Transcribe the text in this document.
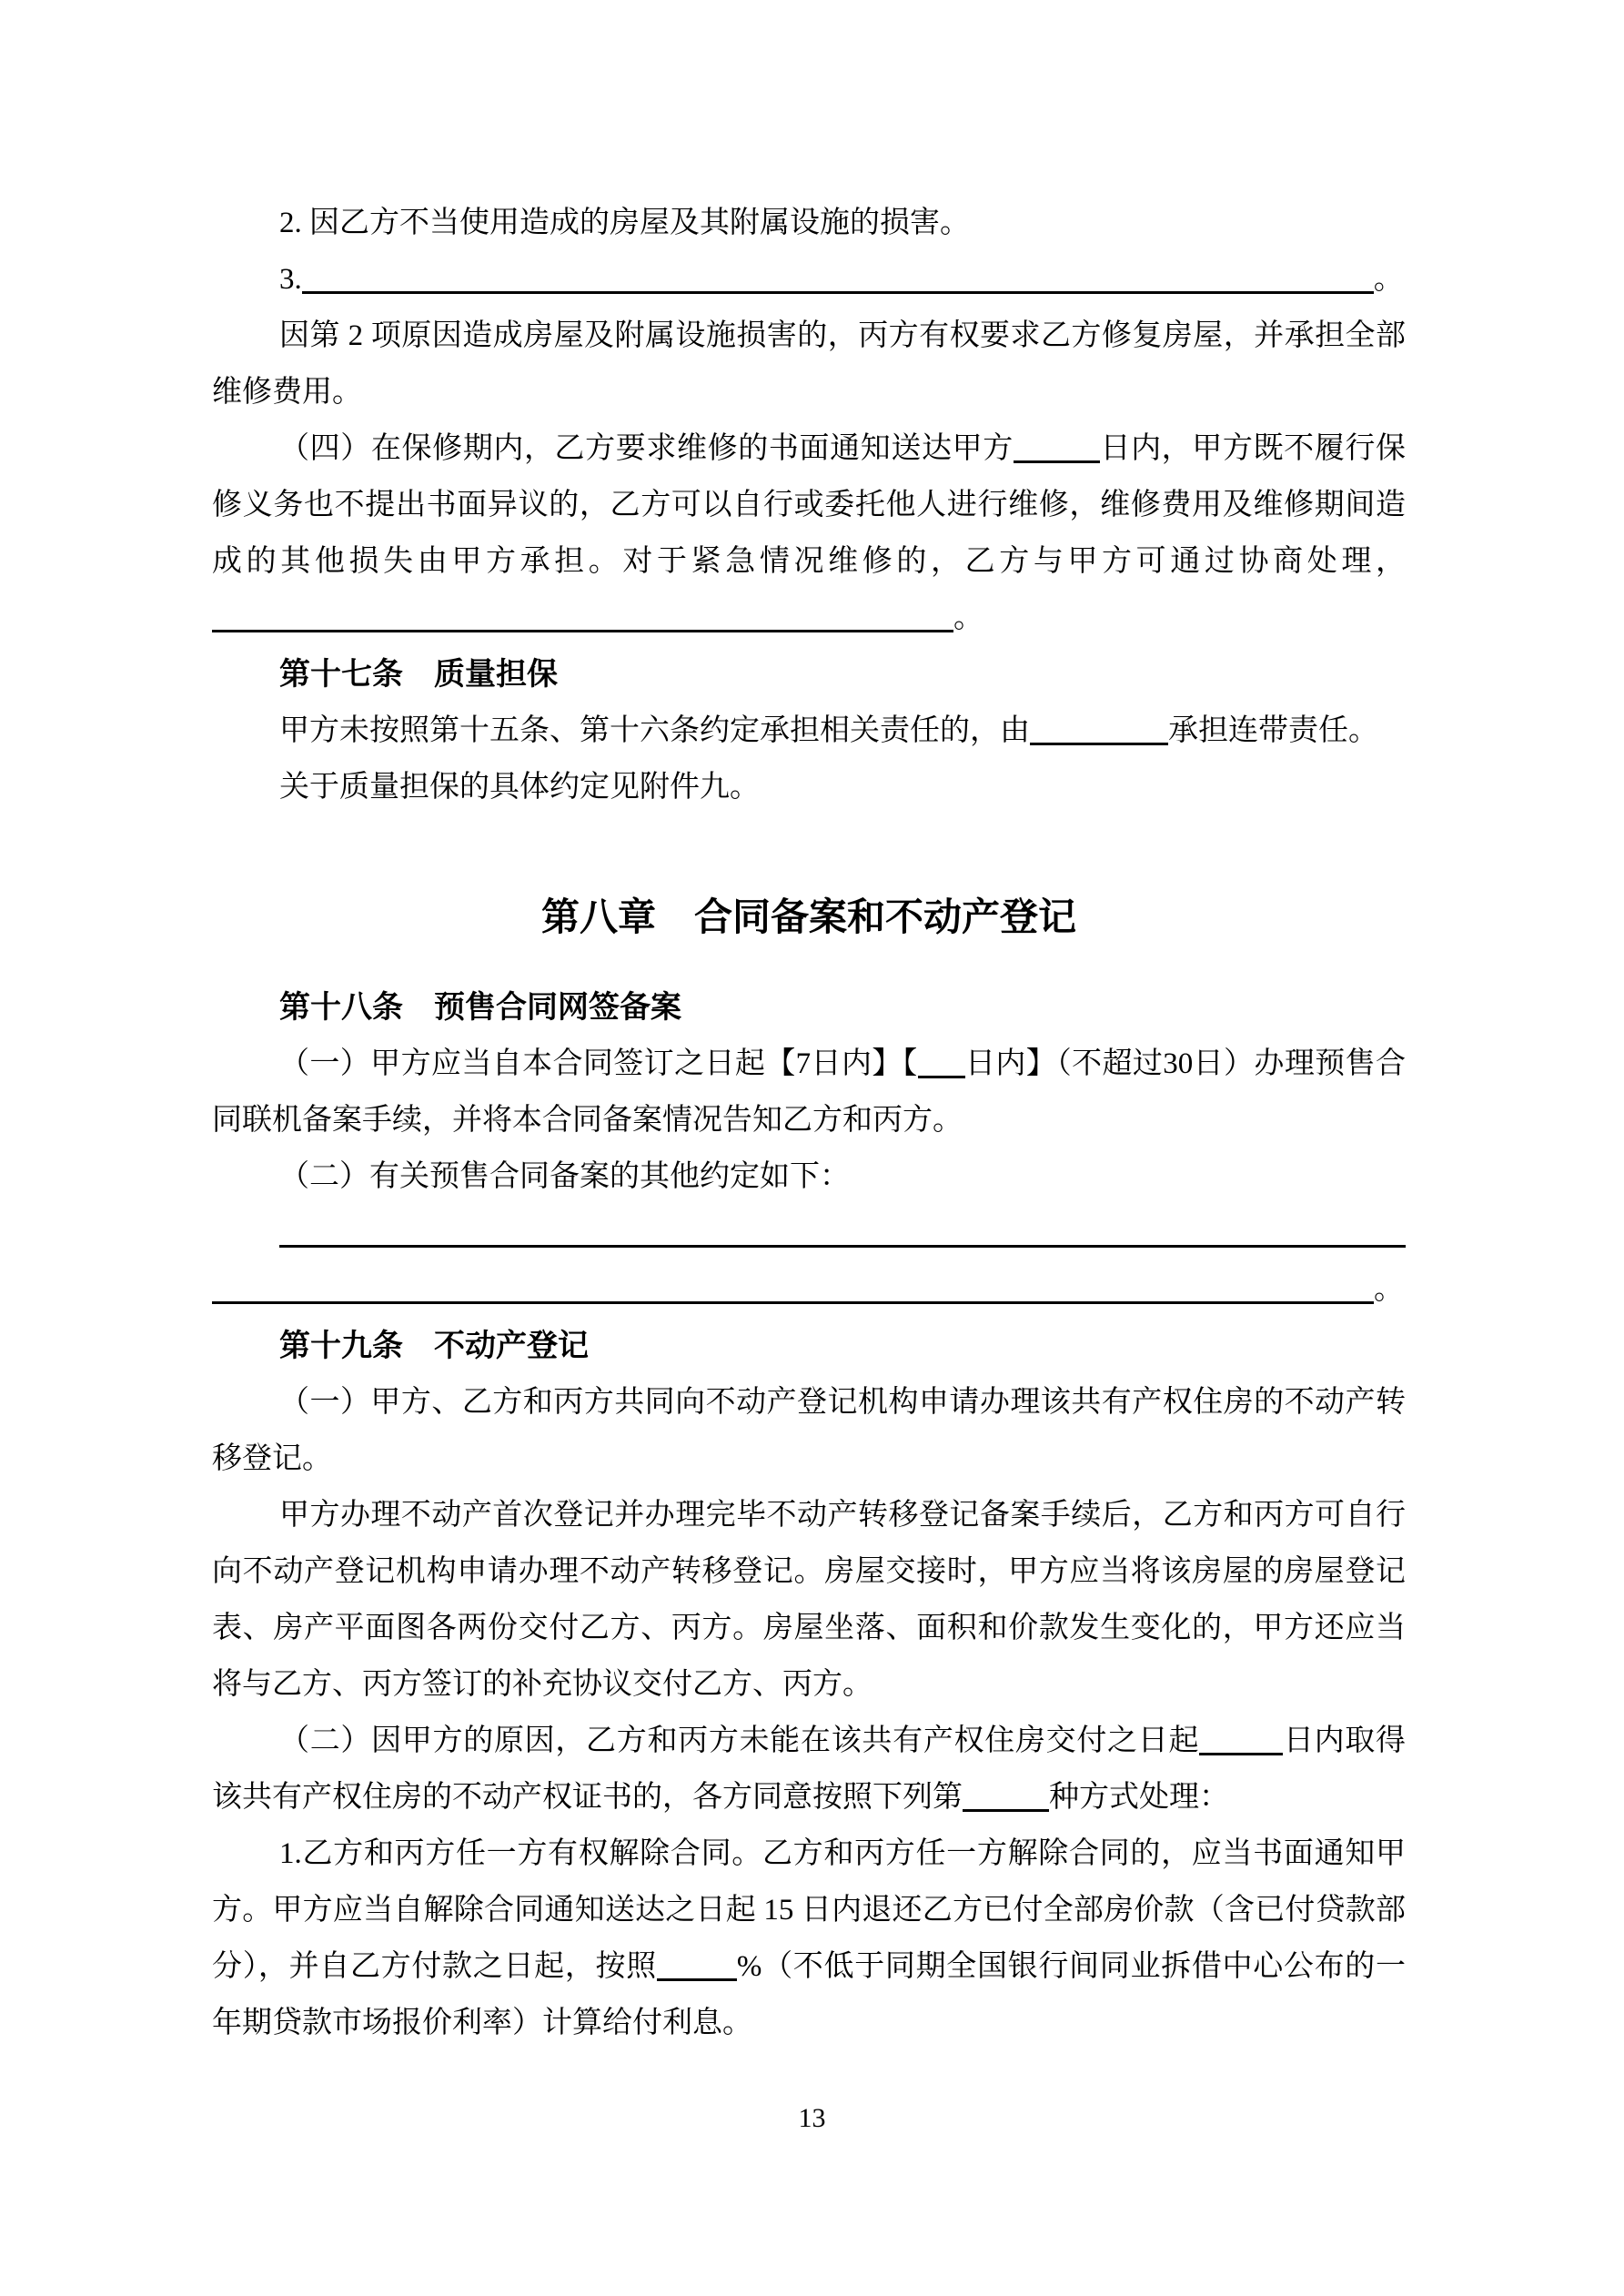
2. 因乙方不当使用造成的房屋及其附属设施的损害。

3.	。

因第 2 项原因造成房屋及附属设施损害的，丙方有权要求乙方修复房屋，并承担全部维修费用。

（四）在保修期内，乙方要求维修的书面通知送达甲方	日内，甲方既不履行保修义务也不提出书面异议的，乙方可以自行或委托他人进行维修，维修费用及维修期间造成的其他损失由甲方承担。对于紧急情况维修的，乙方与甲方可通过协商处理，。

第十七条　质量担保

甲方未按照第十五条、第十六条约定承担相关责任的，由	承担连带责任。

关于质量担保的具体约定见附件九。

第八章　合同备案和不动产登记

第十八条　预售合同网签备案

（一）甲方应当自本合同签订之日起【7日内】【 日内】（不超过30日）办理预售合同联机备案手续，并将本合同备案情况告知乙方和丙方。

（二）有关预售合同备案的其他约定如下：

。

第十九条　不动产登记

（一）甲方、乙方和丙方共同向不动产登记机构申请办理该共有产权住房的不动产转移登记。

甲方办理不动产首次登记并办理完毕不动产转移登记备案手续后，乙方和丙方可自行向不动产登记机构申请办理不动产转移登记。房屋交接时，甲方应当将该房屋的房屋登记表、房产平面图各两份交付乙方、丙方。房屋坐落、面积和价款发生变化的，甲方还应当将与乙方、丙方签订的补充协议交付乙方、丙方。

（二）因甲方的原因，乙方和丙方未能在该共有产权住房交付之日起	日内取得该共有产权住房的不动产权证书的，各方同意按照下列第	种方式处理：

1.乙方和丙方任一方有权解除合同。乙方和丙方任一方解除合同的，应当书面通知甲方。甲方应当自解除合同通知送达之日起 15 日内退还乙方已付全部房价款（含已付贷款部分），并自乙方付款之日起，按照	%（不低于同期全国银行间同业拆借中心公布的一年期贷款市场报价利率）计算给付利息。

13
